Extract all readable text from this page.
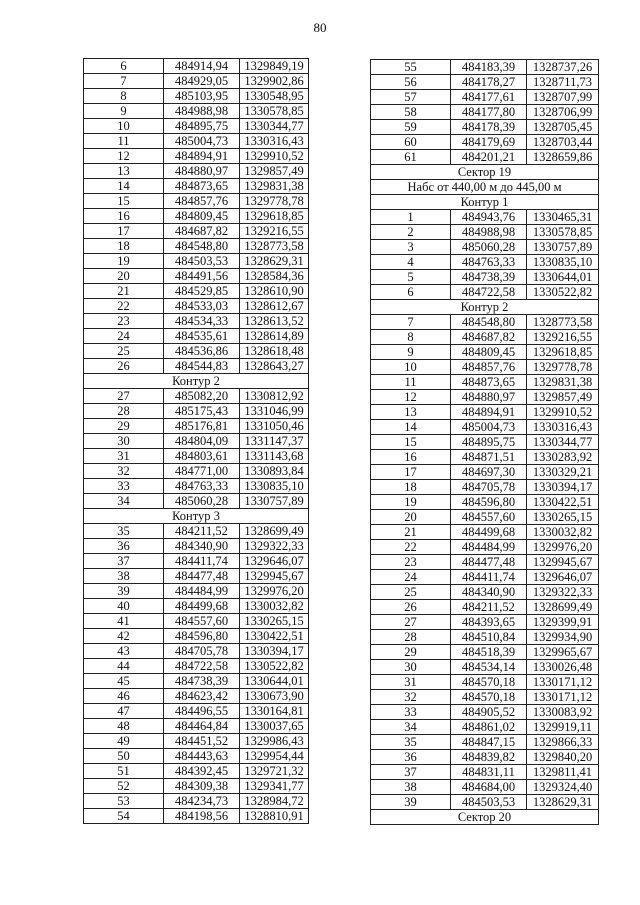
80
6	484914,94	1329849,19
7	484929,05	1329902,86
8	485103,95	1330548,95
9	484988,98	1330578,85
10	484895,75	1330344,77
11	485004,73	1330316,43
12	484894,91	1329910,52
13	484880,97	1329857,49
14	484873,65	1329831,38
15	484857,76	1329778,78
16	484809,45	1329618,85
17	484687,82	1329216,55
18	484548,80	1328773,58
19	484503,53	1328629,31
20	484491,56	1328584,36
21	484529,85	1328610,90
22	484533,03	1328612,67
23	484534,33	1328613,52
24	484535,61	1328614,89
25	484536,86	1328618,48
26	484544,83	1328643,27
Контур 2		
27	485082,20	1330812,92
28	485175,43	1331046,99
29	485176,81	1331050,46
30	484804,09	1331147,37
31	484803,61	1331143,68
32	484771,00	1330893,84
33	484763,33	1330835,10
34	485060,28	1330757,89
Контур 3		
35	484211,52	1328699,49
36	484340,90	1329322,33
37	484411,74	1329646,07
38	484477,48	1329945,67
39	484484,99	1329976,20
40	484499,68	1330032,82
41	484557,60	1330265,15
42	484596,80	1330422,51
43	484705,78	1330394,17
44	484722,58	1330522,82
45	484738,39	1330644,01
46	484623,42	1330673,90
47	484496,55	1330164,81
48	484464,84	1330037,65
49	484451,52	1329986,43
50	484443,63	1329954,44
51	484392,45	1329721,32
52	484309,38	1329341,77
53	484234,73	1328984,72
54	484198,56	1328810,91
55	484183,39	1328737,26
56	484178,27	1328711,73
57	484177,61	1328707,99
58	484177,80	1328706,99
59	484178,39	1328705,45
60	484179,69	1328703,44
61	484201,21	1328659,86
Сектор 19		
Набс от 440,00 м до 445,00 м		
Контур 1		
1	484943,76	1330465,31
2	484988,98	1330578,85
3	485060,28	1330757,89
4	484763,33	1330835,10
5	484738,39	1330644,01
6	484722,58	1330522,82
Контур 2		
7	484548,80	1328773,58
8	484687,82	1329216,55
9	484809,45	1329618,85
10	484857,76	1329778,78
11	484873,65	1329831,38
12	484880,97	1329857,49
13	484894,91	1329910,52
14	485004,73	1330316,43
15	484895,75	1330344,77
16	484871,51	1330283,92
17	484697,30	1330329,21
18	484705,78	1330394,17
19	484596,80	1330422,51
20	484557,60	1330265,15
21	484499,68	1330032,82
22	484484,99	1329976,20
23	484477,48	1329945,67
24	484411,74	1329646,07
25	484340,90	1329322,33
26	484211,52	1328699,49
27	484393,65	1329399,91
28	484510,84	1329934,90
29	484518,39	1329965,67
30	484534,14	1330026,48
31	484570,18	1330171,12
32	484570,18	1330171,12
33	484905,52	1330083,92
34	484861,02	1329919,11
35	484847,15	1329866,33
36	484839,82	1329840,20
37	484831,11	1329811,41
38	484684,00	1329324,40
39	484503,53	1328629,31
Сектор 20		
